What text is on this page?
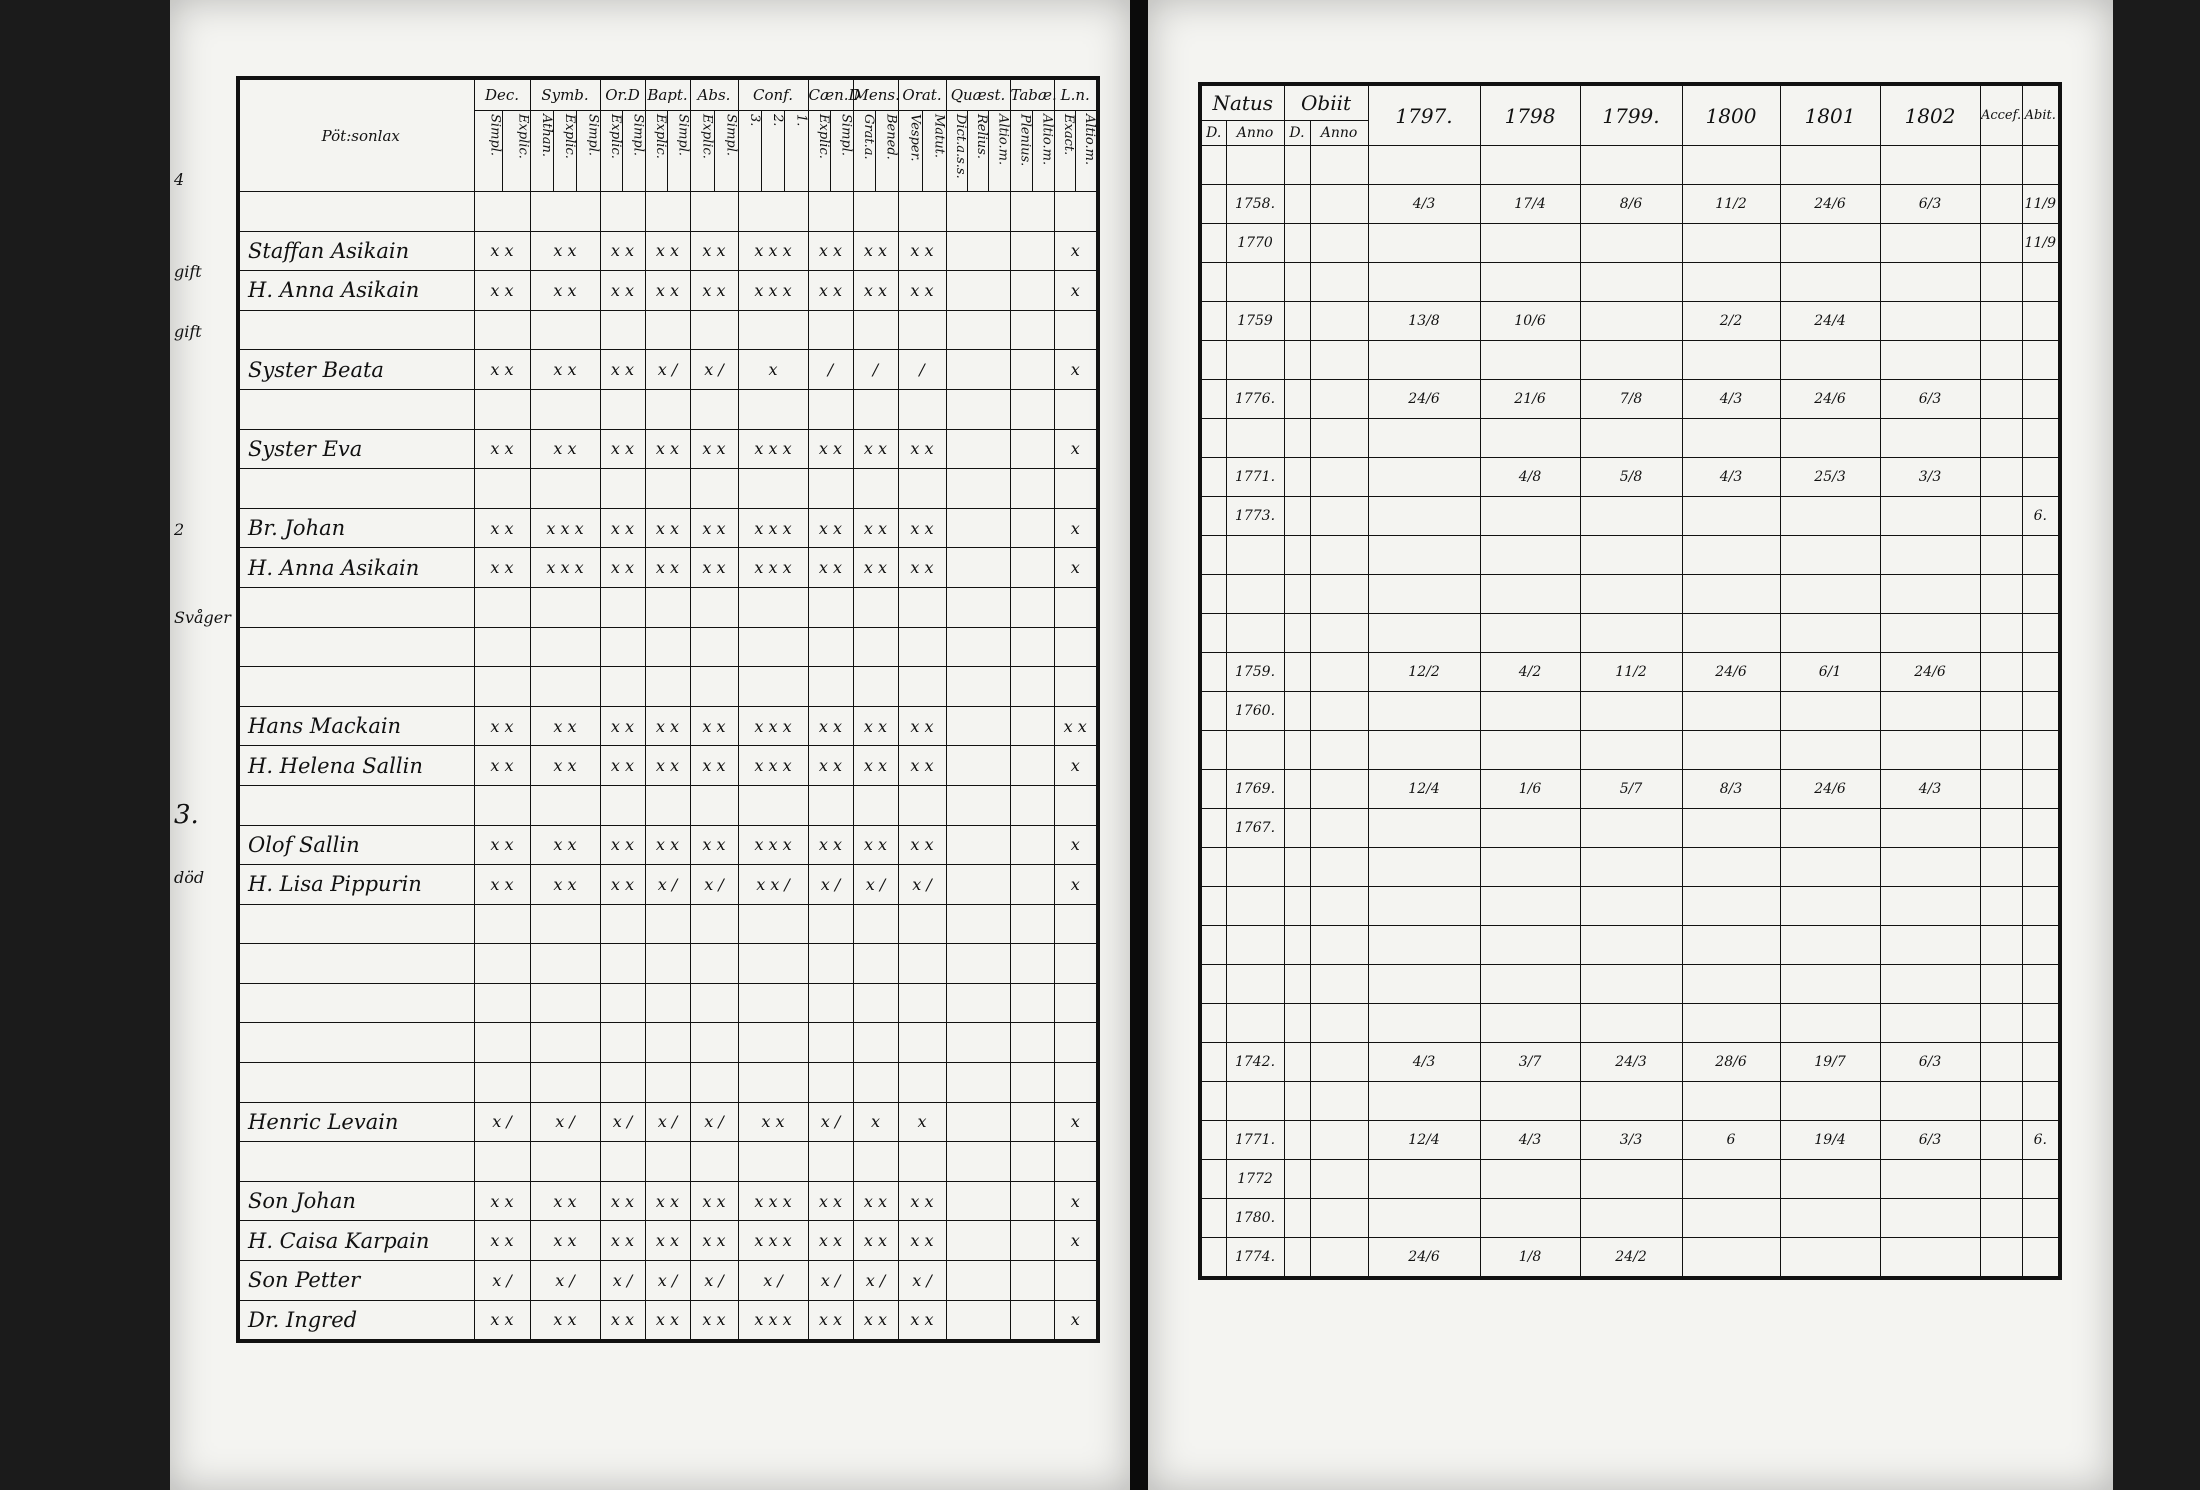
Pöt:sonlax	Dec.	Symb.	Or.D	Bapt.	Abs.	Conf.	Cæn.D	Mens.	Orat.	Quæst.	Tabæ.	L.n.

	Simpl. Explic.	Athan. Explic. Simpl.	Explic. Simpl.	Explic. Simpl.	Explic. Simpl.	3. 2. 1.	Explic. Simpl.	Grat.a. Bened.	Vesper. Matut.	Dict.a.s.s. Relius. Altio.m.	Plenius. Altio.m.	Exact. Altio.m.

Staffan Asikain	x x	x x	x x	x x	x x	x x x	x x	x x	x x			x
H. Anna Asikain	x x	x x	x x	x x	x x	x x x	x x	x x	x x			x

Syster Beata	x x	x x	x x	x /	x /	x	/	/	/			x

Syster Eva	x x	x x	x x	x x	x x	x x x	x x	x x	x x			x

Br. Johan	x x	x x x	x x	x x	x x	x x x	x x	x x	x x			x
H. Anna Asikain	x x	x x x	x x	x x	x x	x x x	x x	x x	x x			x

Hans Mackain	x x	x x	x x	x x	x x	x x x	x x	x x	x x			x x
H. Helena Sallin	x x	x x	x x	x x	x x	x x x	x x	x x	x x			x

Olof Sallin	x x	x x	x x	x x	x x	x x x	x x	x x	x x			x
H. Lisa Pippurin	x x	x x	x x	x /	x /	x x /	x /	x /	x /			x

Henric Levain	x /	x /	x /	x /	x /	x x	x /	x	x			x

Son Johan	x x	x x	x x	x x	x x	x x x	x x	x x	x x			x
H. Caisa Karpain	x x	x x	x x	x x	x x	x x x	x x	x x	x x			x
Son Petter	x /	x /	x /	x /	x /	x /	x /	x /	x /			
Dr. Ingred	x x	x x	x x	x x	x x	x x x	x x	x x	x x			x
4
gift
gift
2
Svåger
3.
död
Natus		Obiit		1797.	1798	1799.	1800	1801	1802	Accef.	Abit.
D.	Anno	D.	Anno								

	1758.			4/3	17/4	8/6	11/2	24/6	6/3		11/9
	1770										11/9

	1759			13/8	10/6		2/2	24/4			

	1776.			24/6	21/6	7/8	4/3	24/6	6/3		

	1771.				4/8	5/8	4/3	25/3	3/3		
	1773.										6.

	1759.			12/2	4/2	11/2	24/6	6/1	24/6		
	1760.										

	1769.			12/4	1/6	5/7	8/3	24/6	4/3		
	1767.										

	1742.			4/3	3/7	24/3	28/6	19/7	6/3		

	1771.			12/4	4/3	3/3	6	19/4	6/3		6.
	1772										
	1780.										
	1774.			24/6	1/8	24/2					
